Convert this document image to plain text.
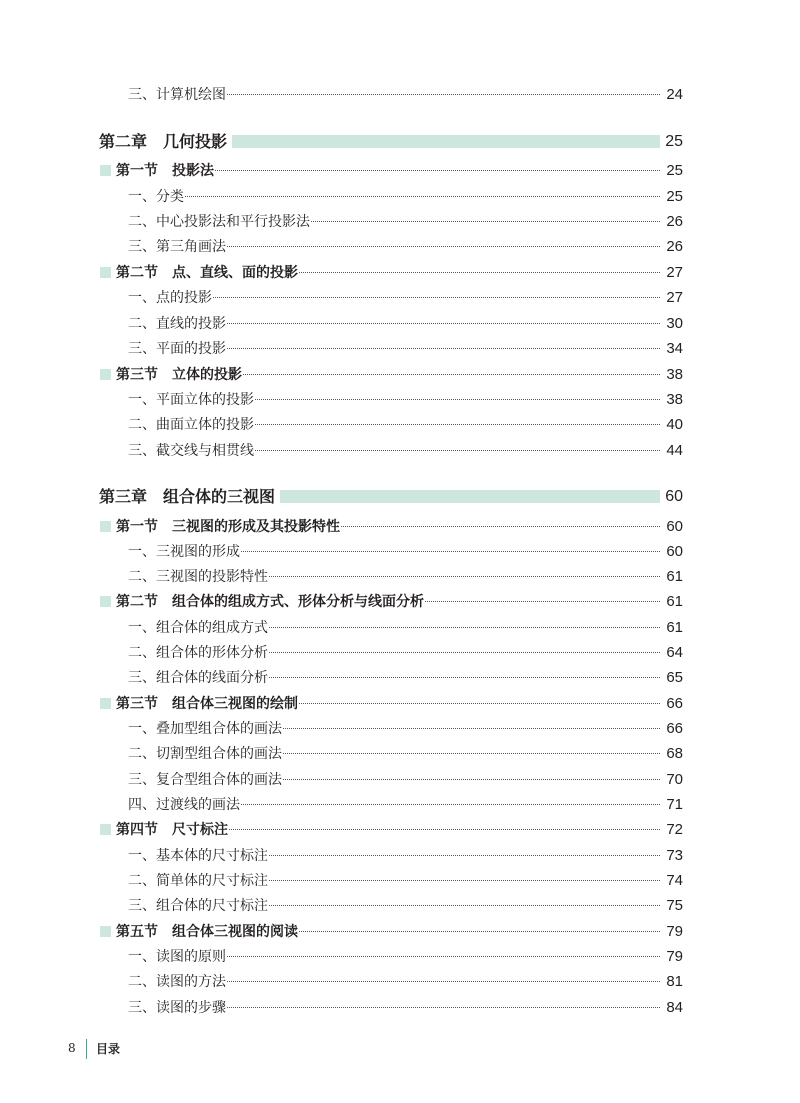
三、计算机绘图	24
第二章　几何投影	25
第一节　投影法	25
一、分类	25
二、中心投影法和平行投影法	26
三、第三角画法	26
第二节　点、直线、面的投影	27
一、点的投影	27
二、直线的投影	30
三、平面的投影	34
第三节　立体的投影	38
一、平面立体的投影	38
二、曲面立体的投影	40
三、截交线与相贯线	44
第三章　组合体的三视图	60
第一节　三视图的形成及其投影特性	60
一、三视图的形成	60
二、三视图的投影特性	61
第二节　组合体的组成方式、形体分析与线面分析	61
一、组合体的组成方式	61
二、组合体的形体分析	64
三、组合体的线面分析	65
第三节　组合体三视图的绘制	66
一、叠加型组合体的画法	66
二、切割型组合体的画法	68
三、复合型组合体的画法	70
四、过渡线的画法	71
第四节　尺寸标注	72
一、基本体的尺寸标注	73
二、简单体的尺寸标注	74
三、组合体的尺寸标注	75
第五节　组合体三视图的阅读	79
一、读图的原则	79
二、读图的方法	81
三、读图的步骤	84
8 目录
